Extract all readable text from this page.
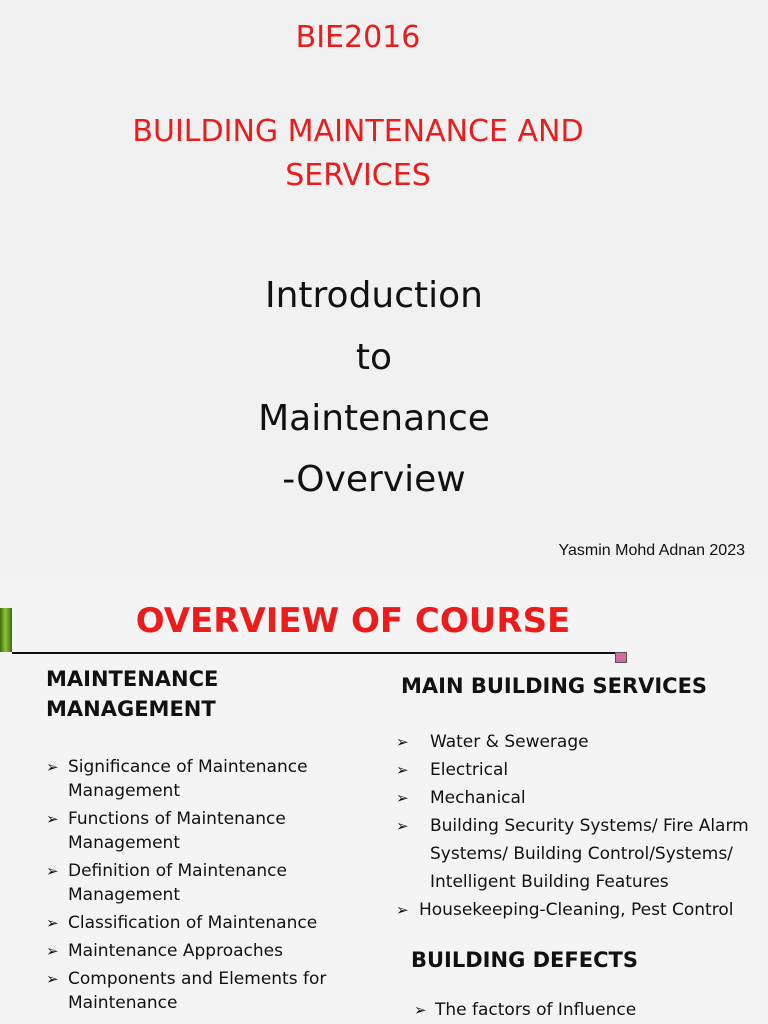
BIE2016
BUILDING MAINTENANCE AND
SERVICES
Introduction
to
Maintenance
-Overview
Yasmin Mohd Adnan 2023
OVERVIEW OF COURSE
MAINTENANCE
MANAGEMENT
➢ Significance of Maintenance Management
➢ Functions of Maintenance Management
➢ Definition of Maintenance Management
➢ Classification of Maintenance
➢ Maintenance Approaches
➢ Components and Elements for Maintenance
MAIN BUILDING SERVICES
➢ Water & Sewerage
➢ Electrical
➢ Mechanical
➢ Building Security Systems/ Fire Alarm Systems/ Building Control/Systems/ Intelligent Building Features
➢ Housekeeping-Cleaning, Pest Control
BUILDING DEFECTS
➢ The factors of Influence
